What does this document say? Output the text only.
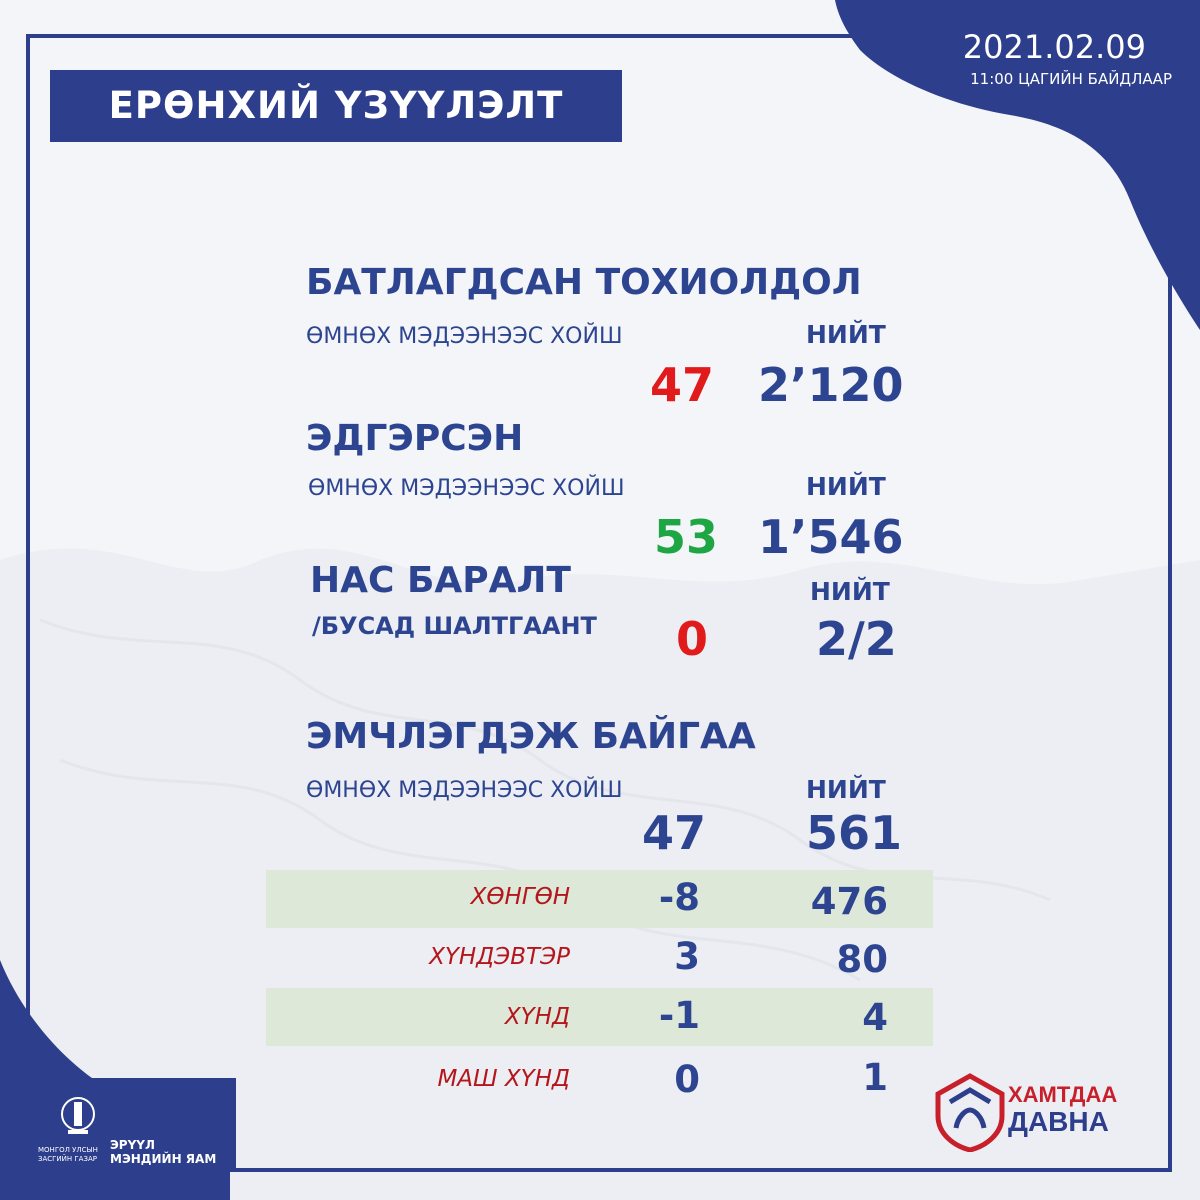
ЕРӨНХИЙ ҮЗҮҮЛЭЛТ
2021.02.09
11:00 ЦАГИЙН БАЙДЛААР
БАТЛАГДСАН ТОХИОЛДОЛ
ӨМНӨХ МЭДЭЭНЭЭС ХОЙШ	НИЙТ
47 2’120
ЭДГЭРСЭН
ӨМНӨХ МЭДЭЭНЭЭС ХОЙШ	НИЙТ
53 1’546
НАС БАРАЛТ	НИЙТ
/БУСАД ШАЛТГААНТ 0 2/2
ЭМЧЛЭГДЭЖ БАЙГАА
ӨМНӨХ МЭДЭЭНЭЭС ХОЙШ	НИЙТ
47 561
ХӨНГӨН	-8	476
ХҮНДЭВТЭР	3	80
ХҮНД	-1	4
МАШ ХҮНД	0	1
МОНГОЛ УЛСЫН
ЗАСГИЙН ГАЗАР
ЭРҮҮЛ
МЭНДИЙН ЯАМ
ХАМТДАА
ДАВНА
